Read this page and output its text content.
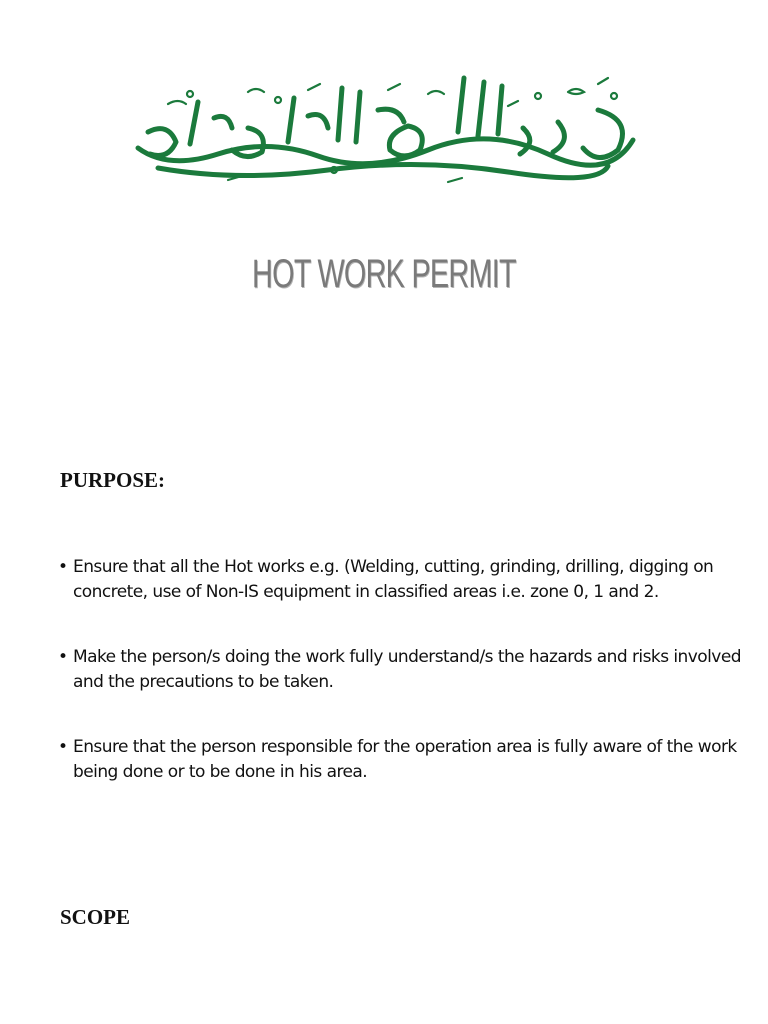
HOT WORK PERMIT
PURPOSE:
• Ensure that all the Hot works e.g. (Welding, cutting, grinding, drilling, digging on concrete, use of Non-IS equipment in classified areas i.e. zone 0, 1 and 2.
• Make the person/s doing the work fully understand/s the hazards and risks involved and the precautions to be taken.
• Ensure that the person responsible for the operation area is fully aware of the work being done or to be done in his area.
SCOPE
